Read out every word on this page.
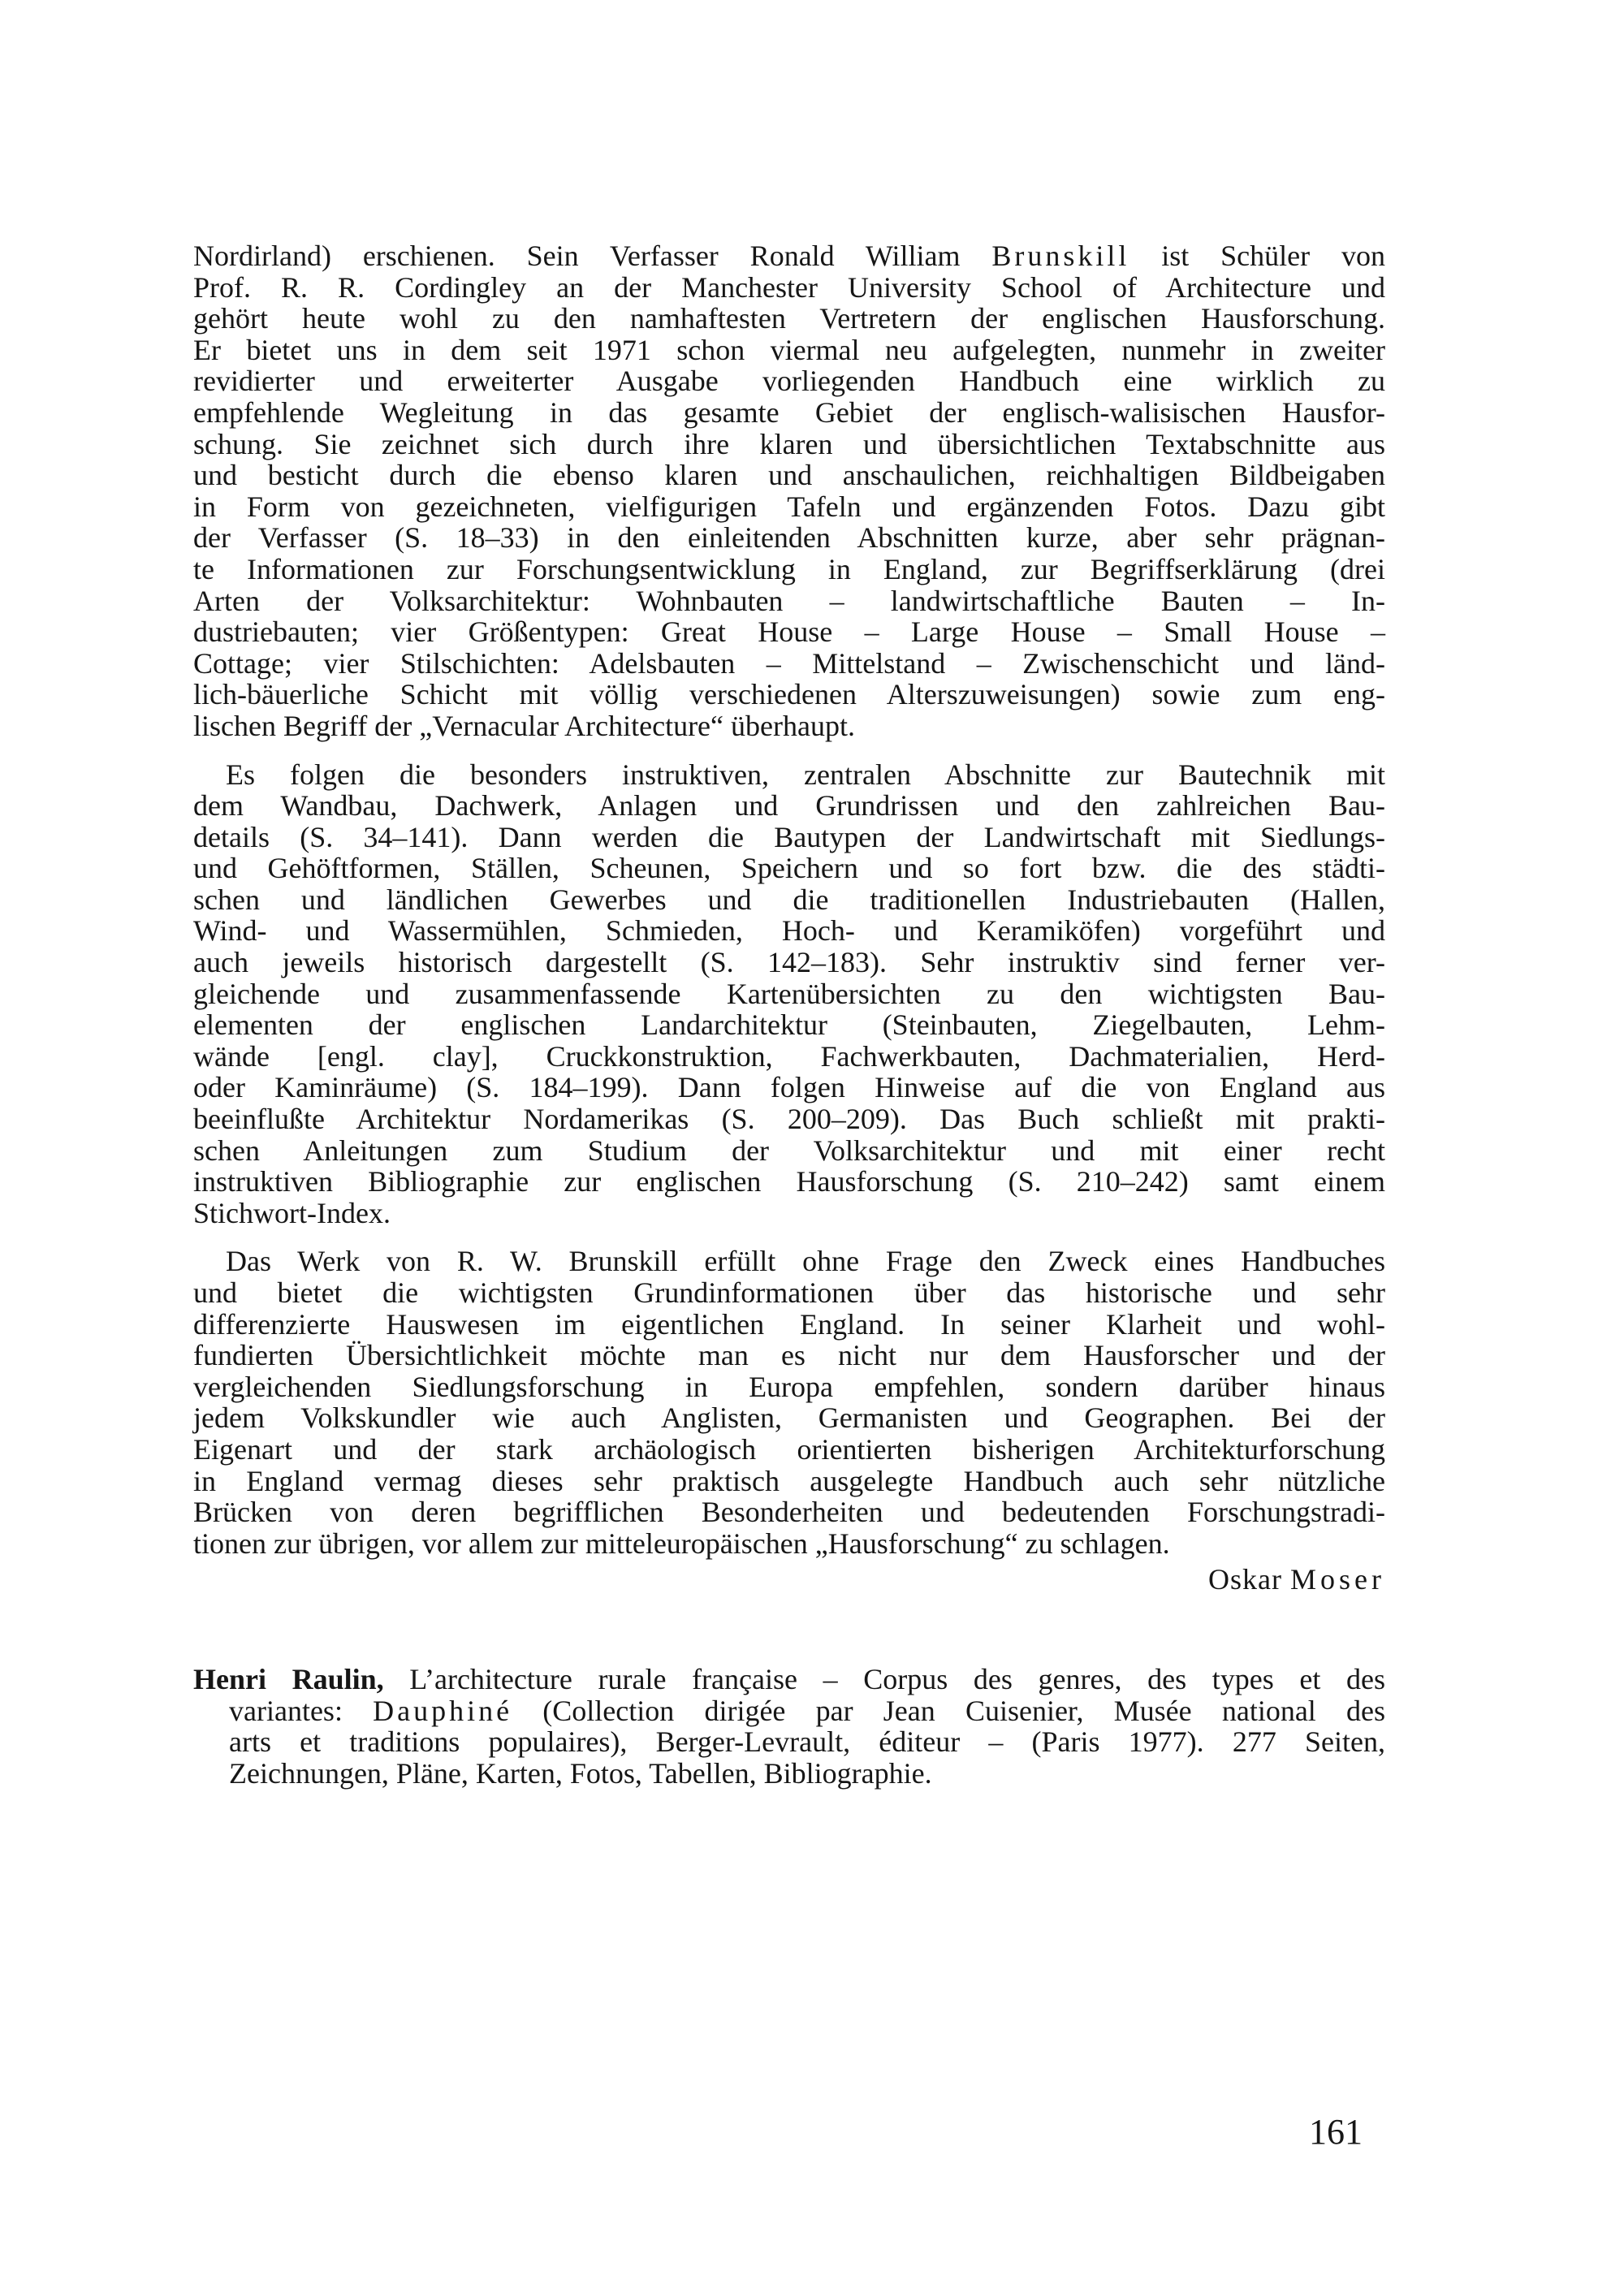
Nordirland) erschienen. Sein Verfasser Ronald William Brunskill ist Schüler von
Prof. R. R. Cordingley an der Manchester University School of Architecture und
gehört heute wohl zu den namhaftesten Vertretern der englischen Hausforschung.
Er bietet uns in dem seit 1971 schon viermal neu aufgelegten, nunmehr in zweiter
revidierter und erweiterter Ausgabe vorliegenden Handbuch eine wirklich zu
empfehlende Wegleitung in das gesamte Gebiet der englisch-walisischen Hausfor-
schung. Sie zeichnet sich durch ihre klaren und übersichtlichen Textabschnitte aus
und besticht durch die ebenso klaren und anschaulichen, reichhaltigen Bildbeigaben
in Form von gezeichneten, vielfigurigen Tafeln und ergänzenden Fotos. Dazu gibt
der Verfasser (S. 18–33) in den einleitenden Abschnitten kurze, aber sehr prägnan-
te Informationen zur Forschungsentwicklung in England, zur Begriffserklärung (drei
Arten der Volksarchitektur: Wohnbauten – landwirtschaftliche Bauten – In-
dustriebauten; vier Größentypen: Great House – Large House – Small House –
Cottage; vier Stilschichten: Adelsbauten – Mittelstand – Zwischenschicht und länd-
lich-bäuerliche Schicht mit völlig verschiedenen Alterszuweisungen) sowie zum eng-
lischen Begriff der „Vernacular Architecture“ überhaupt.
Es folgen die besonders instruktiven, zentralen Abschnitte zur Bautechnik mit
dem Wandbau, Dachwerk, Anlagen und Grundrissen und den zahlreichen Bau-
details (S. 34–141). Dann werden die Bautypen der Landwirtschaft mit Siedlungs-
und Gehöftformen, Ställen, Scheunen, Speichern und so fort bzw. die des städti-
schen und ländlichen Gewerbes und die traditionellen Industriebauten (Hallen,
Wind- und Wassermühlen, Schmieden, Hoch- und Keramiköfen) vorgeführt und
auch jeweils historisch dargestellt (S. 142–183). Sehr instruktiv sind ferner ver-
gleichende und zusammenfassende Kartenübersichten zu den wichtigsten Bau-
elementen der englischen Landarchitektur (Steinbauten, Ziegelbauten, Lehm-
wände [engl. clay], Cruckkonstruktion, Fachwerkbauten, Dachmaterialien, Herd-
oder Kaminräume) (S. 184–199). Dann folgen Hinweise auf die von England aus
beeinflußte Architektur Nordamerikas (S. 200–209). Das Buch schließt mit prakti-
schen Anleitungen zum Studium der Volksarchitektur und mit einer recht
instruktiven Bibliographie zur englischen Hausforschung (S. 210–242) samt einem
Stichwort-Index.
Das Werk von R. W. Brunskill erfüllt ohne Frage den Zweck eines Handbuches
und bietet die wichtigsten Grundinformationen über das historische und sehr
differenzierte Hauswesen im eigentlichen England. In seiner Klarheit und wohl-
fundierten Übersichtlichkeit möchte man es nicht nur dem Hausforscher und der
vergleichenden Siedlungsforschung in Europa empfehlen, sondern darüber hinaus
jedem Volkskundler wie auch Anglisten, Germanisten und Geographen. Bei der
Eigenart und der stark archäologisch orientierten bisherigen Architekturforschung
in England vermag dieses sehr praktisch ausgelegte Handbuch auch sehr nützliche
Brücken von deren begrifflichen Besonderheiten und bedeutenden Forschungstradi-
tionen zur übrigen, vor allem zur mitteleuropäischen „Hausforschung“ zu schlagen.
Oskar Moser
Henri Raulin, L’architecture rurale française – Corpus des genres, des types et des
variantes: Dauphiné (Collection dirigée par Jean Cuisenier, Musée national des
arts et traditions populaires), Berger-Levrault, éditeur – (Paris 1977). 277 Seiten,
Zeichnungen, Pläne, Karten, Fotos, Tabellen, Bibliographie.
161
